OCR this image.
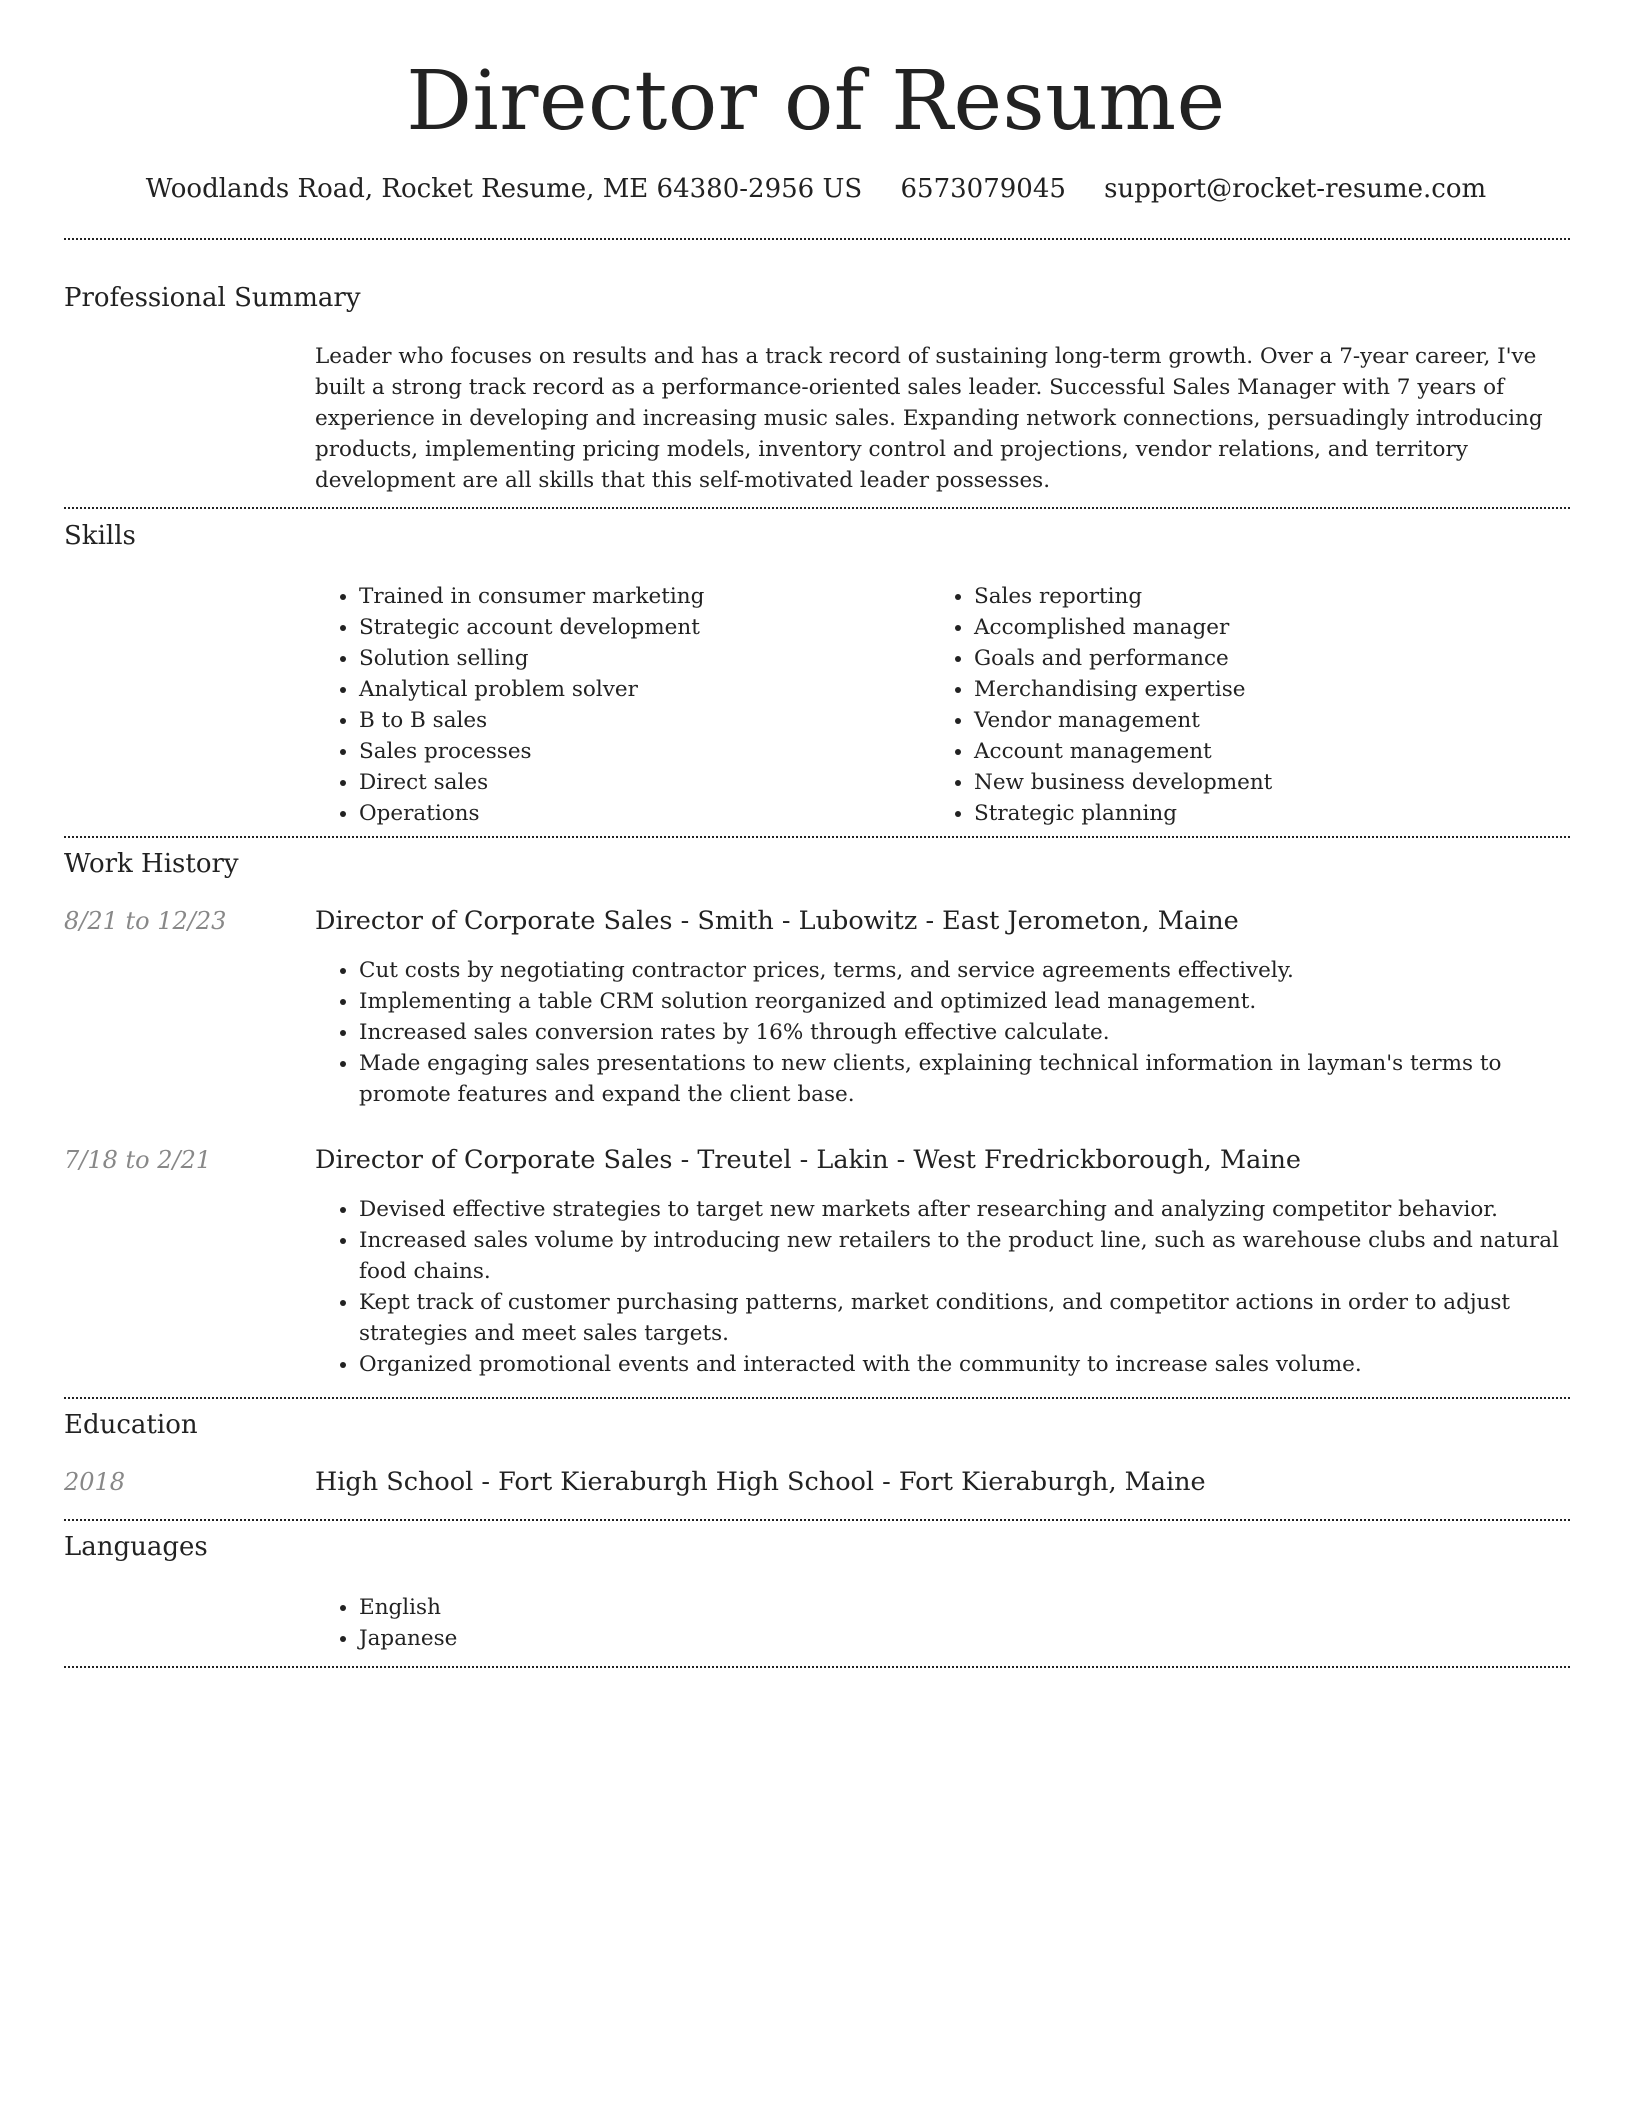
Director of Resume
Woodlands Road, Rocket Resume, ME 64380-2956 US 6573079045 support@rocket-resume.com
Professional Summary
Leader who focuses on results and has a track record of sustaining long-term growth. Over a 7-year career, I've built a strong track record as a performance-oriented sales leader. Successful Sales Manager with 7 years of experience in developing and increasing music sales. Expanding network connections, persuadingly introducing products, implementing pricing models, inventory control and projections, vendor relations, and territory development are all skills that this self-motivated leader possesses.
Skills
• Trained in consumer marketing
• Strategic account development
• Solution selling
• Analytical problem solver
• B to B sales
• Sales processes
• Direct sales
• Operations
• Sales reporting
• Accomplished manager
• Goals and performance
• Merchandising expertise
• Vendor management
• Account management
• New business development
• Strategic planning
Work History
8/21 to 12/23	Director of Corporate Sales - Smith - Lubowitz - East Jerometon, Maine
• Cut costs by negotiating contractor prices, terms, and service agreements effectively.
• Implementing a table CRM solution reorganized and optimized lead management.
• Increased sales conversion rates by 16% through effective calculate.
• Made engaging sales presentations to new clients, explaining technical information in layman's terms to promote features and expand the client base.
7/18 to 2/21	Director of Corporate Sales - Treutel - Lakin - West Fredrickborough, Maine
• Devised effective strategies to target new markets after researching and analyzing competitor behavior.
• Increased sales volume by introducing new retailers to the product line, such as warehouse clubs and natural food chains.
• Kept track of customer purchasing patterns, market conditions, and competitor actions in order to adjust strategies and meet sales targets.
• Organized promotional events and interacted with the community to increase sales volume.
Education
2018	High School - Fort Kieraburgh High School - Fort Kieraburgh, Maine
Languages
• English
• Japanese
